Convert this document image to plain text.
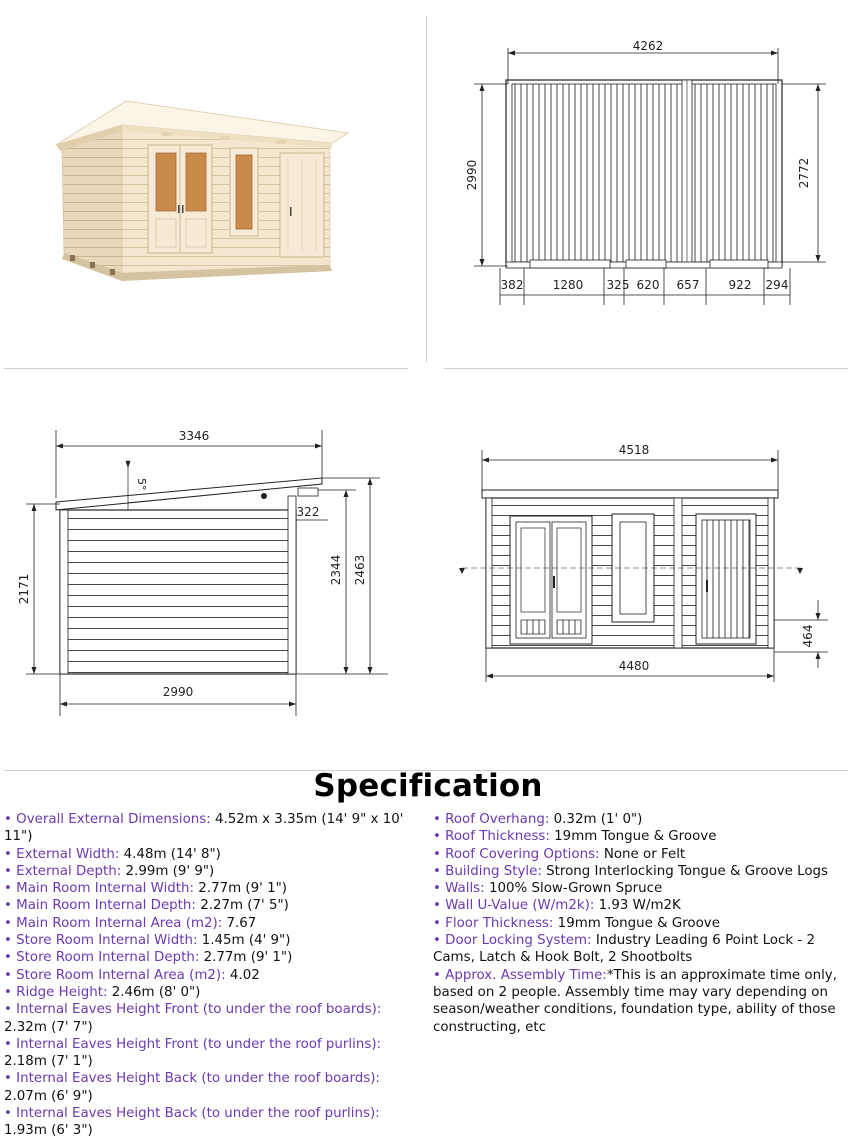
4262
2990	2772
382 1280 325 620 657 922 294
3346
5°
322
2171
2344 2463
2990
4518
464
4480
Specification

• Overall External Dimensions: 4.52m x 3.35m (14' 9" x 10' 11")

• External Width: 4.48m (14' 8")

• External Depth: 2.99m (9' 9")

• Main Room Internal Width: 2.77m (9' 1")

• Main Room Internal Depth: 2.27m (7' 5")

• Main Room Internal Area (m2): 7.67

• Store Room Internal Width: 1.45m (4' 9")

• Store Room Internal Depth: 2.77m (9' 1")

• Store Room Internal Area (m2): 4.02

• Ridge Height: 2.46m (8' 0")

• Internal Eaves Height Front (to under the roof boards): 2.32m (7' 7")

• Internal Eaves Height Front (to under the roof purlins): 2.18m (7' 1")

• Internal Eaves Height Back (to under the roof boards): 2.07m (6' 9")

• Internal Eaves Height Back (to under the roof purlins): 1.93m (6' 3")

• Roof Overhang: 0.32m (1' 0")

• Roof Thickness: 19mm Tongue & Groove

• Roof Covering Options: None or Felt

• Building Style: Strong Interlocking Tongue & Groove Logs

• Walls: 100% Slow-Grown Spruce

• Wall U-Value (W/m2k): 1.93 W/m2K

• Floor Thickness: 19mm Tongue & Groove

• Door Locking System: Industry Leading 6 Point Lock - 2 Cams, Latch & Hook Bolt, 2 Shootbolts

• Approx. Assembly Time:*This is an approximate time only, based on 2 people. Assembly time may vary depending on season/weather conditions, foundation type, ability of those constructing, etc
